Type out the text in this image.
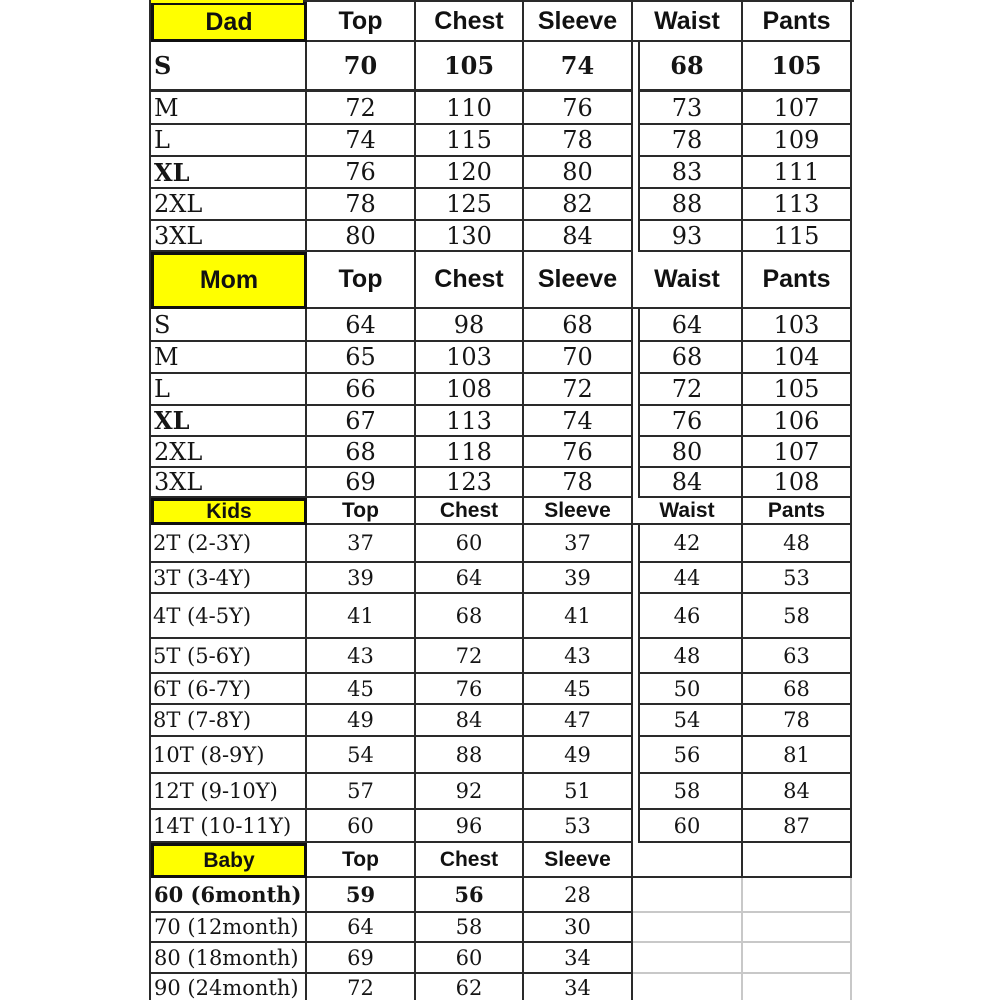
Dad	Top	Chest	Sleeve	Waist	Pants
S	70	105	74	68	105
M	72	110	76	73	107
L	74	115	78	78	109
XL	76	120	80	83	111
2XL	78	125	82	88	113
3XL	80	130	84	93	115
Mom	Top	Chest	Sleeve	Waist	Pants
S	64	98	68	64	103
M	65	103	70	68	104
L	66	108	72	72	105
XL	67	113	74	76	106
2XL	68	118	76	80	107
3XL	69	123	78	84	108
Kids	Top	Chest	Sleeve	Waist	Pants
2T (2-3Y)	37	60	37	42	48
3T (3-4Y)	39	64	39	44	53
4T (4-5Y)	41	68	41	46	58
5T (5-6Y)	43	72	43	48	63
6T (6-7Y)	45	76	45	50	68
8T (7-8Y)	49	84	47	54	78
10T (8-9Y)	54	88	49	56	81
12T (9-10Y)	57	92	51	58	84
14T (10-11Y)	60	96	53	60	87
Baby	Top	Chest	Sleeve
60 (6month)	59	56	28
70 (12month)	64	58	30
80 (18month)	69	60	34
90 (24month)	72	62	34
